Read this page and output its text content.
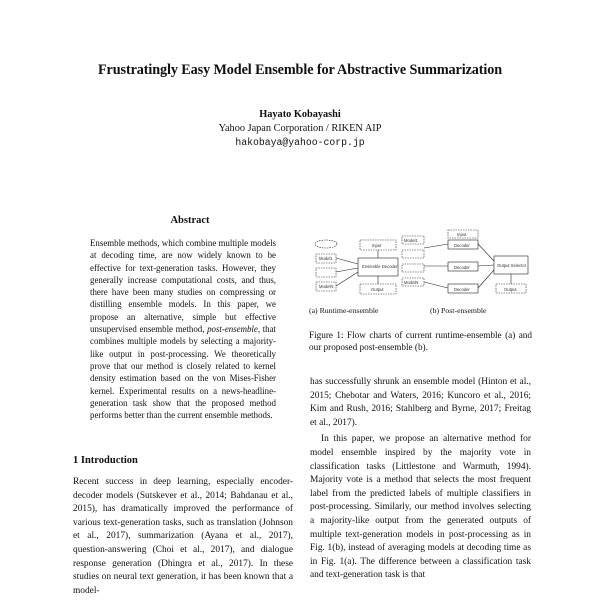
Frustratingly Easy Model Ensemble for Abstractive Summarization
Hayato Kobayashi
Yahoo Japan Corporation / RIKEN AIP
hakobaya@yahoo-corp.jp
Abstract

Ensemble methods, which combine multiple models at decoding time, are now widely known to be effective for text-generation tasks. However, they generally increase computational costs, and thus, there have been many studies on compressing or distilling ensemble models. In this paper, we propose an alternative, simple but effective unsupervised ensemble method, post-ensemble, that combines multiple models by selecting a majority-like output in post-processing. We theoretically prove that our method is closely related to kernel density estimation based on the von Mises-Fisher kernel. Experimental results on a news-headline-generation task show that the proposed method performs better than the current ensemble methods.

1 Introduction

Recent success in deep learning, especially encoder-decoder models (Sutskever et al., 2014; Bahdanau et al., 2015), has dramatically improved the performance of various text-generation tasks, such as translation (Johnson et al., 2017), summarization (Ayana et al., 2017), question-answering (Choi et al., 2017), and dialogue response generation (Dhingra et al., 2017). In these studies on neural text generation, it has been known that a model-

Model1
ModelN
Input
Ensemble Decoder
Output
Model1
ModelN
Input
Decoder
Decoder
Decoder
Output Selector
Output
(a) Runtime-ensemble	(b) Post-ensemble

Figure 1: Flow charts of current runtime-ensemble (a) and our proposed post-ensemble (b).

has successfully shrunk an ensemble model (Hinton et al., 2015; Chebotar and Waters, 2016; Kuncoro et al., 2016; Kim and Rush, 2016; Stahlberg and Byrne, 2017; Freitag et al., 2017).

In this paper, we propose an alternative method for model ensemble inspired by the majority vote in classification tasks (Littlestone and Warmuth, 1994). Majority vote is a method that selects the most frequent label from the predicted labels of multiple classifiers in post-processing. Similarly, our method involves selecting a majority-like output from the generated outputs of multiple text-generation models in post-processing as in Fig. 1(b), instead of averaging models at decoding time as in Fig. 1(a). The difference between a classification task and text-generation task is that
